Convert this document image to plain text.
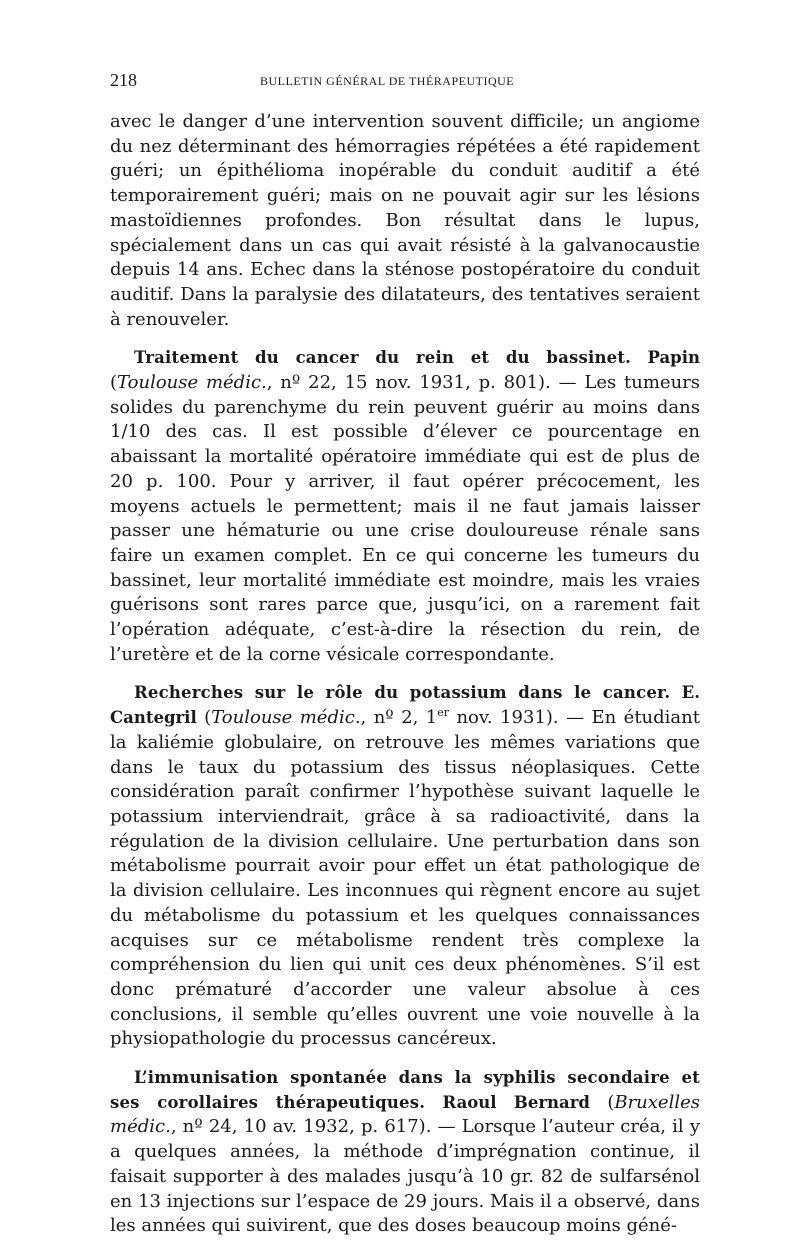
218	BULLETIN GÉNÉRAL DE THÉRAPEUTIQUE

avec le danger d’une intervention souvent difficile; un angiome du nez déterminant des hémorragies répétées a été rapidement guéri; un épithélioma inopérable du conduit auditif a été temporairement guéri; mais on ne pouvait agir sur les lésions mastoïdiennes profondes. Bon résultat dans le lupus, spécialement dans un cas qui avait résisté à la galvanocaustie depuis 14 ans. Echec dans la sténose postopératoire du conduit auditif. Dans la paralysie des dilatateurs, des tentatives seraient à renouveler.

Traitement du cancer du rein et du bassinet. Papin (Toulouse médic., nº 22, 15 nov. 1931, p. 801). — Les tumeurs solides du parenchyme du rein peuvent guérir au moins dans 1/10 des cas. Il est possible d’élever ce pourcentage en abaissant la mortalité opératoire immédiate qui est de plus de 20 p. 100. Pour y arriver, il faut opérer précocement, les moyens actuels le permettent; mais il ne faut jamais laisser passer une hématurie ou une crise douloureuse rénale sans faire un examen complet. En ce qui concerne les tumeurs du bassinet, leur mortalité immédiate est moindre, mais les vraies guérisons sont rares parce que, jusqu’ici, on a rarement fait l’opération adéquate, c’est-à-dire la résection du rein, de l’uretère et de la corne vésicale correspondante.

Recherches sur le rôle du potassium dans le cancer. E. Cantegril (Toulouse médic., nº 2, 1er nov. 1931). — En étudiant la kaliémie globulaire, on retrouve les mêmes variations que dans le taux du potassium des tissus néoplasiques. Cette considération paraît confirmer l’hypothèse suivant laquelle le potassium interviendrait, grâce à sa radioactivité, dans la régulation de la division cellulaire. Une perturbation dans son métabolisme pourrait avoir pour effet un état pathologique de la division cellulaire. Les inconnues qui règnent encore au sujet du métabolisme du potassium et les quelques connaissances acquises sur ce métabolisme rendent très complexe la compréhension du lien qui unit ces deux phénomènes. S’il est donc prématuré d’accorder une valeur absolue à ces conclusions, il semble qu’elles ouvrent une voie nouvelle à la physiopathologie du processus cancéreux.

L’immunisation spontanée dans la syphilis secondaire et ses corollaires thérapeutiques. Raoul Bernard (Bruxelles médic., nº 24, 10 av. 1932, p. 617). — Lorsque l’auteur créa, il y a quelques années, la méthode d’imprégnation continue, il faisait supporter à des malades jusqu’à 10 gr. 82 de sulfarsénol en 13 injections sur l’espace de 29 jours. Mais il a observé, dans les années qui suivirent, que des doses beaucoup moins géné-
